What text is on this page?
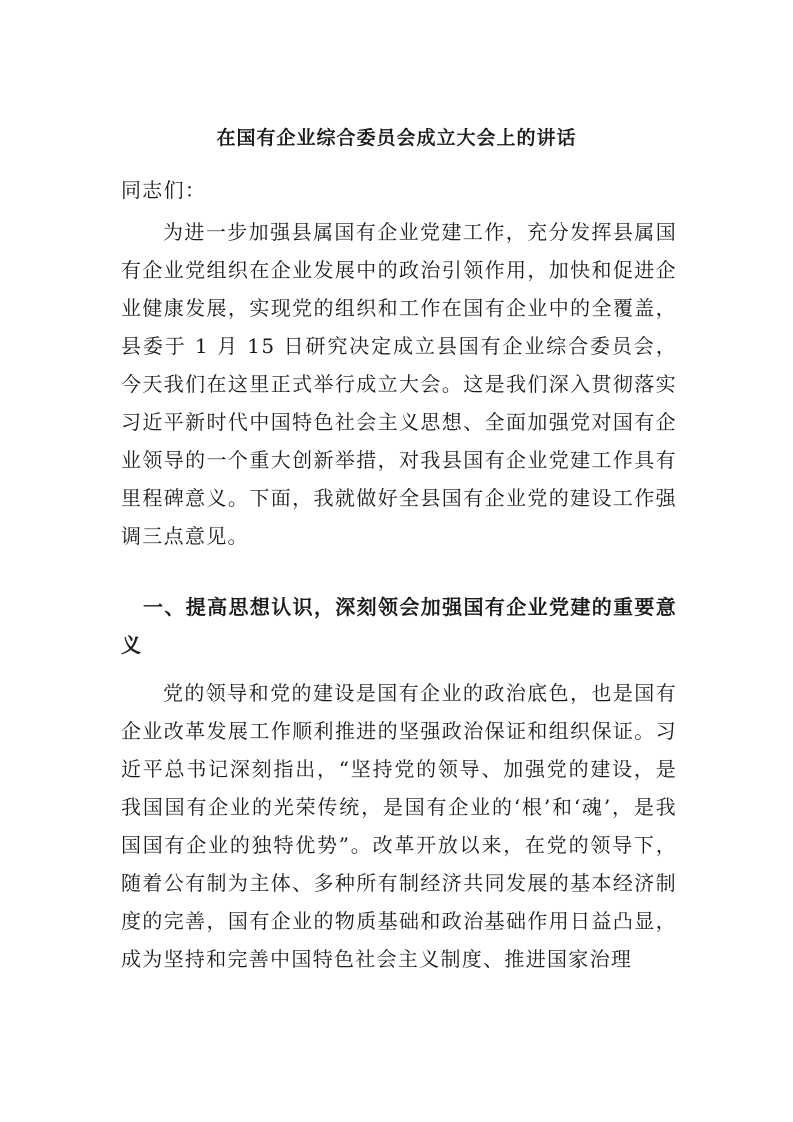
在国有企业综合委员会成立大会上的讲话
同志们：
为进一步加强县属国有企业党建工作，充分发挥县属国有企业党组织在企业发展中的政治引领作用，加快和促进企业健康发展，实现党的组织和工作在国有企业中的全覆盖，县委于 1 月 15 日研究决定成立县国有企业综合委员会，今天我们在这里正式举行成立大会。这是我们深入贯彻落实习近平新时代中国特色社会主义思想、全面加强党对国有企业领导的一个重大创新举措，对我县国有企业党建工作具有里程碑意义。下面，我就做好全县国有企业党的建设工作强调三点意见。
一、提高思想认识，深刻领会加强国有企业党建的重要意义
党的领导和党的建设是国有企业的政治底色，也是国有企业改革发展工作顺利推进的坚强政治保证和组织保证。习近平总书记深刻指出，“坚持党的领导、加强党的建设，是我国国有企业的光荣传统，是国有企业的‘根’和‘魂’，是我国国有企业的独特优势”。改革开放以来，在党的领导下，随着公有制为主体、多种所有制经济共同发展的基本经济制度的完善，国有企业的物质基础和政治基础作用日益凸显，成为坚持和完善中国特色社会主义制度、推进国家治理
